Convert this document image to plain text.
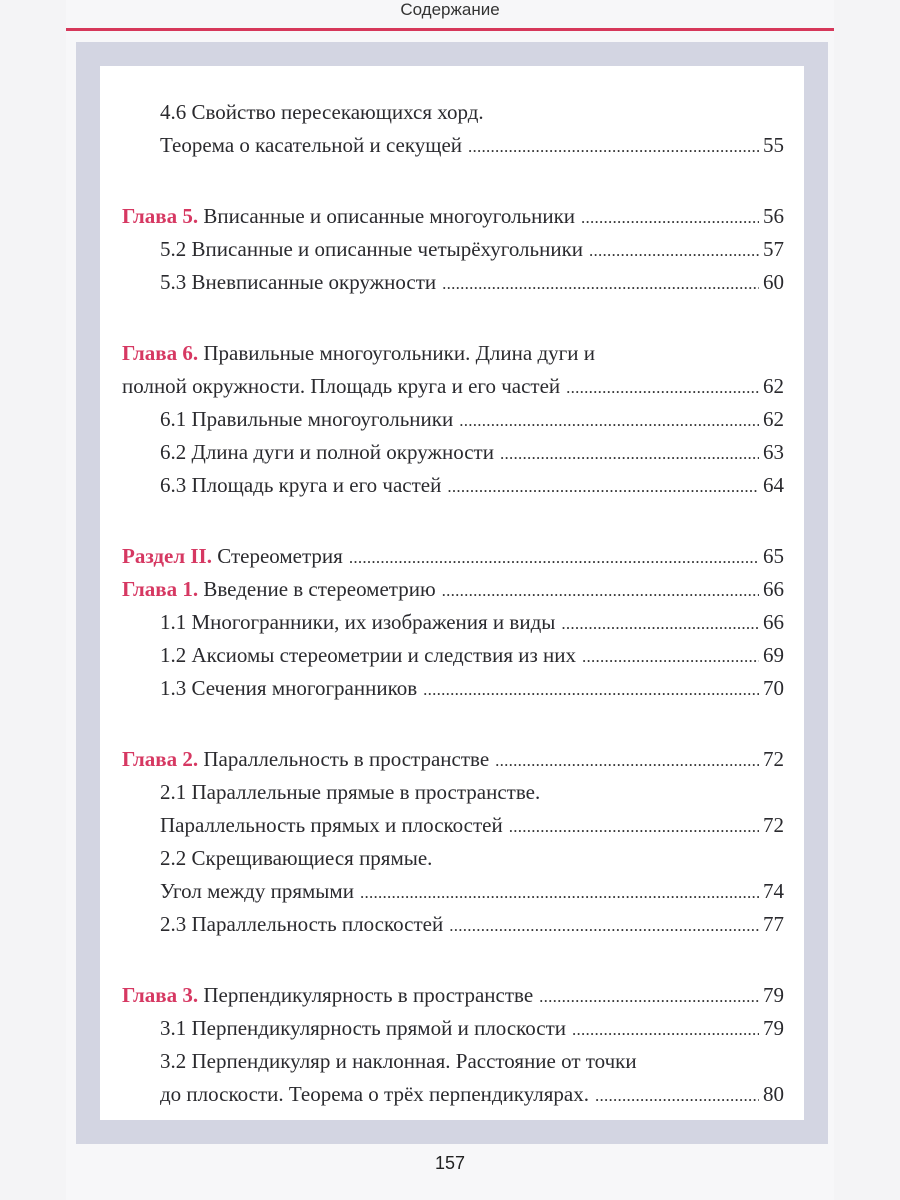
Содержание
4.6 Свойство пересекающихся хорд.
Теорема о касательной и секущей . . .	55
Глава 5. Вписанные и описанные многоугольники . . .	56
5.2 Вписанные и описанные четырёхугольники . . .	57
5.3 Вневписанные окружности . . .	60
Глава 6. Правильные многоугольники. Длина дуги и
полной окружности. Площадь круга и его частей . . .	62
6.1 Правильные многоугольники . . .	62
6.2 Длина дуги и полной окружности . . .	63
6.3 Площадь круга и его частей . . .	64
Раздел II. Стереометрия . . .	65
Глава 1. Введение в стереометрию . . .	66
1.1 Многогранники, их изображения и виды . . .	66
1.2 Аксиомы стереометрии и следствия из них . . .	69
1.3 Сечения многогранников . . .	70
Глава 2. Параллельность в пространстве . . .	72
2.1 Параллельные прямые в пространстве.
Параллельность прямых и плоскостей . . .	72
2.2 Скрещивающиеся прямые.
Угол между прямыми . . .	74
2.3 Параллельность плоскостей . . .	77
Глава 3. Перпендикулярность в пространстве . . .	79
3.1 Перпендикулярность прямой и плоскости . . .	79
3.2 Перпендикуляр и наклонная. Расстояние от точки
до плоскости. Теорема о трёх перпендикулярах. . . .	80
157
